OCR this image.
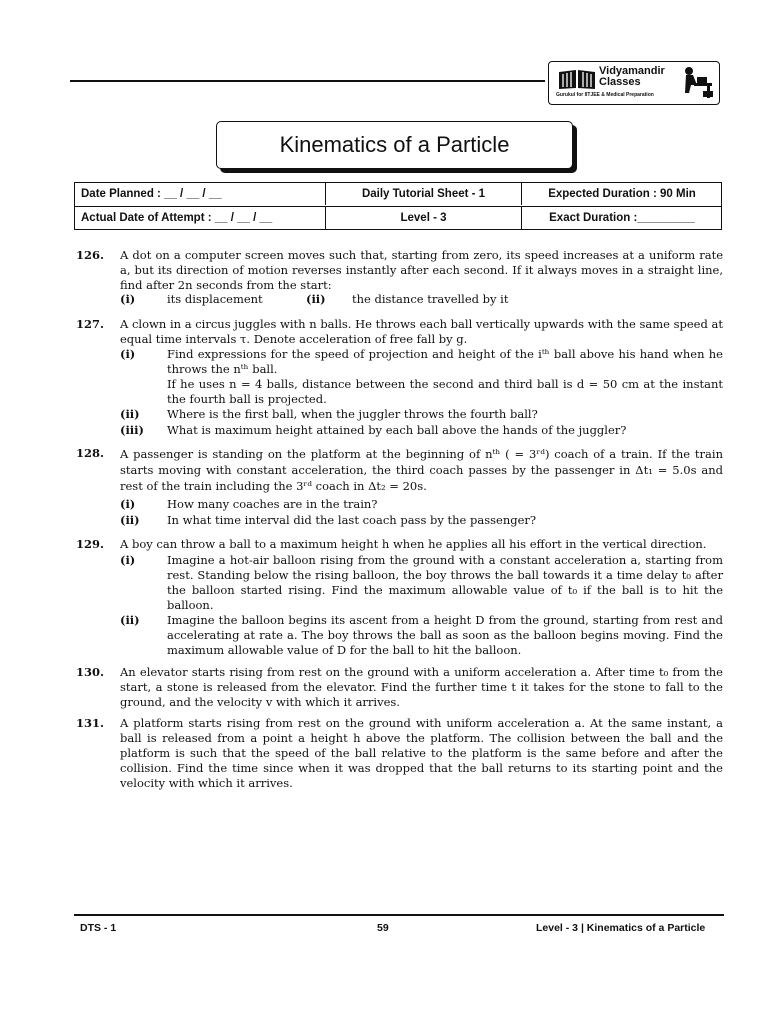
Vidyamandir
Classes
Gurukul for IITJEE & Medical Preparation
Kinematics of a Particle
Date Planned : __ / __ / __	Daily Tutorial Sheet - 1	Expected Duration : 90 Min
Actual Date of Attempt : __ / __ / __	Level - 3	Exact Duration :_________
126. A dot on a computer screen moves such that, starting from zero, its speed increases at a uniform rate a, but its direction of motion reverses instantly after each second. If it always moves in a straight line, find after 2n seconds from the start:
(i)	its displacement	(ii) the distance travelled by it
127. A clown in a circus juggles with n balls. He throws each ball vertically upwards with the same speed at equal time intervals τ. Denote acceleration of free fall by g.
(i)	Find expressions for the speed of projection and height of the iᵗʰ ball above his hand when he throws the nᵗʰ ball.
If he uses n = 4 balls, distance between the second and third ball is d = 50 cm at the instant the fourth ball is projected.
(ii) Where is the first ball, when the juggler throws the fourth ball?
(iii) What is maximum height attained by each ball above the hands of the juggler?
128. A passenger is standing on the platform at the beginning of nᵗʰ ( = 3ʳᵈ) coach of a train. If the train starts moving with constant acceleration, the third coach passes by the passenger in Δt₁ = 5.0s and rest of the train including the 3ʳᵈ coach in Δt₂ = 20s.
(i)	How many coaches are in the train?
(ii) In what time interval did the last coach pass by the passenger?
129. A boy can throw a ball to a maximum height h when he applies all his effort in the vertical direction.
(i)	Imagine a hot-air balloon rising from the ground with a constant acceleration a, starting from rest. Standing below the rising balloon, the boy throws the ball towards it a time delay t₀ after the balloon started rising. Find the maximum allowable value of t₀ if the ball is to hit the balloon.
(ii) Imagine the balloon begins its ascent from a height D from the ground, starting from rest and accelerating at rate a. The boy throws the ball as soon as the balloon begins moving. Find the maximum allowable value of D for the ball to hit the balloon.
130. An elevator starts rising from rest on the ground with a uniform acceleration a. After time t₀ from the start, a stone is released from the elevator. Find the further time t it takes for the stone to fall to the ground, and the velocity v with which it arrives.
131. A platform starts rising from rest on the ground with uniform acceleration a. At the same instant, a ball is released from a point a height h above the platform. The collision between the ball and the platform is such that the speed of the ball relative to the platform is the same before and after the collision. Find the time since when it was dropped that the ball returns to its starting point and the velocity with which it arrives.
DTS - 1	59	Level - 3 | Kinematics of a Particle
